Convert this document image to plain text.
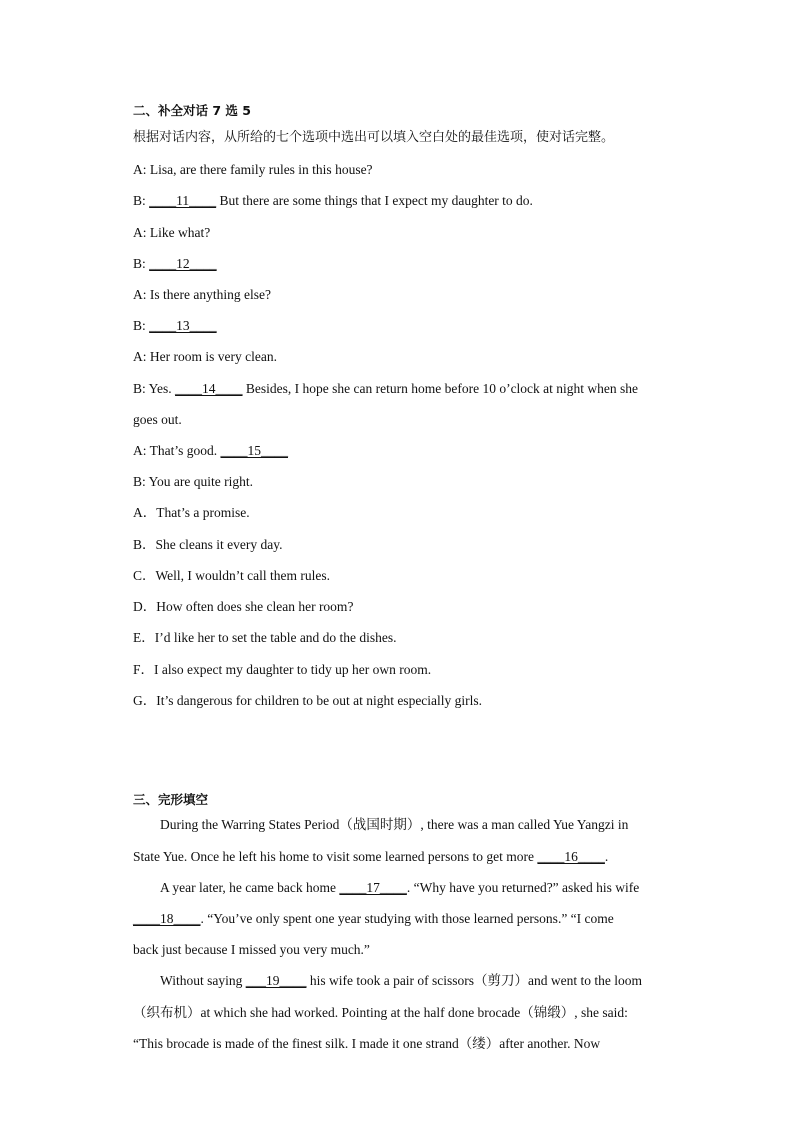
二、补全对话 7 选 5
根据对话内容，从所给的七个选项中选出可以填入空白处的最佳选项，使对话完整。
A: Lisa, are there family rules in this house?
B: ____11____ But there are some things that I expect my daughter to do.
A: Like what?
B: ____12____
A: Is there anything else?
B: ____13____
A: Her room is very clean.
B: Yes. ____14____ Besides, I hope she can return home before 10 o’clock at night when she
goes out.
A: That’s good. ____15____
B: You are quite right.
A．That’s a promise.
B．She cleans it every day.
C．Well, I wouldn’t call them rules.
D．How often does she clean her room?
E．I’d like her to set the table and do the dishes.
F．I also expect my daughter to tidy up her own room.
G．It’s dangerous for children to be out at night especially girls.
三、完形填空
During the Warring States Period（战国时期）, there was a man called Yue Yangzi in
State Yue. Once he left his home to visit some learned persons to get more ____16____.
A year later, he came back home ____17____. “Why have you returned?” asked his wife
____18____. “You’ve only spent one year studying with those learned persons.” “I come
back just because I missed you very much.”
Without saying ___19____ his wife took a pair of scissors（剪刀）and went to the loom
（织布机）at which she had worked. Pointing at the half done brocade（锦缎）, she said:
“This brocade is made of the finest silk. I made it one strand（缕）after another. Now
